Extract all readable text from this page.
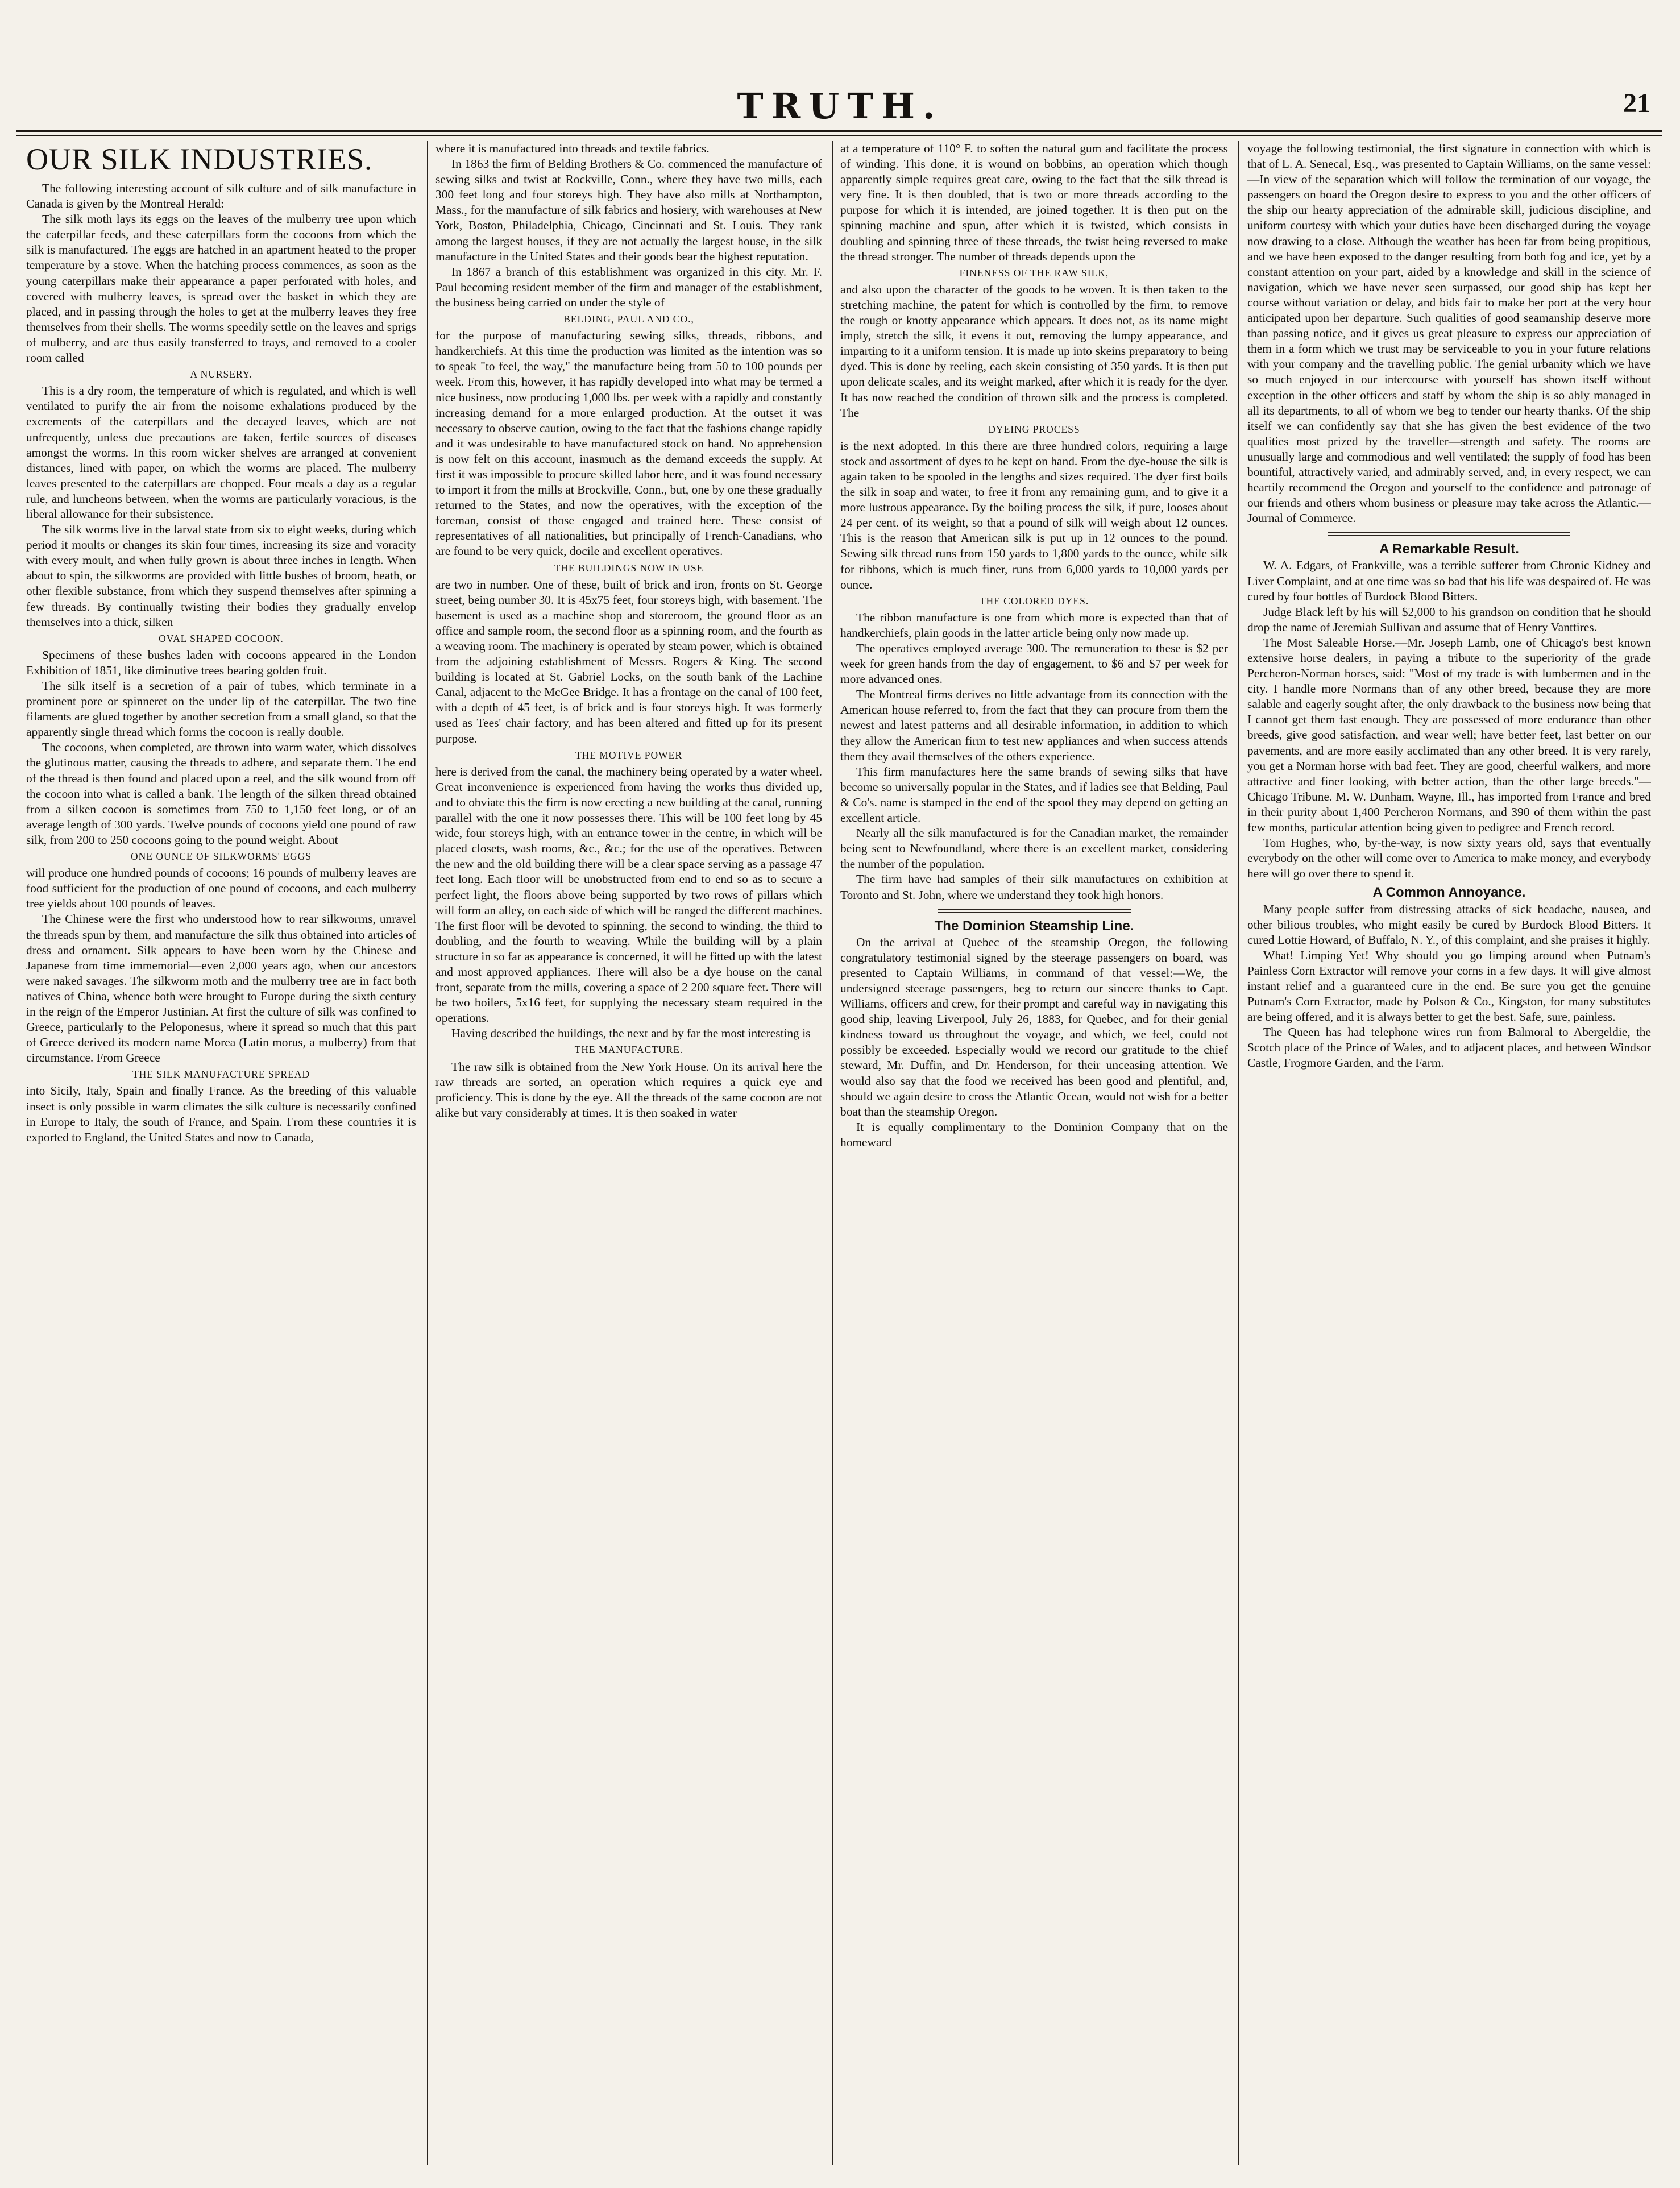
TRUTH.	21
OUR SILK INDUSTRIES.

The following interesting account of silk culture and of silk manufacture in Canada is given by the Montreal Herald:

The silk moth lays its eggs on the leaves of the mulberry tree upon which the caterpillar feeds, and these caterpillars form the cocoons from which the silk is manufactured. The eggs are hatched in an apartment heated to the proper temperature by a stove. When the hatching process commences, as soon as the young caterpillars make their appearance a paper perforated with holes, and covered with mulberry leaves, is spread over the basket in which they are placed, and in passing through the holes to get at the mulberry leaves they free themselves from their shells. The worms speedily settle on the leaves and sprigs of mulberry, and are thus easily transferred to trays, and removed to a cooler room called

A NURSERY.

This is a dry room, the temperature of which is regulated, and which is well ventilated to purify the air from the noisome exhalations produced by the excrements of the caterpillars and the decayed leaves, which are not unfrequently, unless due precautions are taken, fertile sources of diseases amongst the worms. In this room wicker shelves are arranged at convenient distances, lined with paper, on which the worms are placed. The mulberry leaves presented to the caterpillars are chopped. Four meals a day as a regular rule, and luncheons between, when the worms are particularly voracious, is the liberal allowance for their subsistence.

The silk worms live in the larval state from six to eight weeks, during which period it moults or changes its skin four times, increasing its size and voracity with every moult, and when fully grown is about three inches in length. When about to spin, the silkworms are provided with little bushes of broom, heath, or other flexible substance, from which they suspend themselves after spinning a few threads. By continually twisting their bodies they gradually envelop themselves into a thick, silken

OVAL SHAPED COCOON.

Specimens of these bushes laden with cocoons appeared in the London Exhibition of 1851, like diminutive trees bearing golden fruit.

The silk itself is a secretion of a pair of tubes, which terminate in a prominent pore or spinneret on the under lip of the caterpillar. The two fine filaments are glued together by another secretion from a small gland, so that the apparently single thread which forms the cocoon is really double.

The cocoons, when completed, are thrown into warm water, which dissolves the glutinous matter, causing the threads to adhere, and separate them. The end of the thread is then found and placed upon a reel, and the silk wound from off the cocoon into what is called a bank. The length of the silken thread obtained from a silken cocoon is sometimes from 750 to 1,150 feet long, or of an average length of 300 yards. Twelve pounds of cocoons yield one pound of raw silk, from 200 to 250 cocoons going to the pound weight. About

ONE OUNCE OF SILKWORMS' EGGS

will produce one hundred pounds of cocoons; 16 pounds of mulberry leaves are food sufficient for the production of one pound of cocoons, and each mulberry tree yields about 100 pounds of leaves.

The Chinese were the first who understood how to rear silkworms, unravel the threads spun by them, and manufacture the silk thus obtained into articles of dress and ornament. Silk appears to have been worn by the Chinese and Japanese from time immemorial—even 2,000 years ago, when our ancestors were naked savages. The silkworm moth and the mulberry tree are in fact both natives of China, whence both were brought to Europe during the sixth century in the reign of the Emperor Justinian. At first the culture of silk was confined to Greece, particularly to the Peloponesus, where it spread so much that this part of Greece derived its modern name Morea (Latin morus, a mulberry) from that circumstance. From Greece

THE SILK MANUFACTURE SPREAD

into Sicily, Italy, Spain and finally France. As the breeding of this valuable insect is only possible in warm climates the silk culture is necessarily confined in Europe to Italy, the south of France, and Spain. From these countries it is exported to England, the United States and now to Canada,

where it is manufactured into threads and textile fabrics.

In 1863 the firm of Belding Brothers & Co. commenced the manufacture of sewing silks and twist at Rockville, Conn., where they have two mills, each 300 feet long and four storeys high. They have also mills at Northampton, Mass., for the manufacture of silk fabrics and hosiery, with warehouses at New York, Boston, Philadelphia, Chicago, Cincinnati and St. Louis. They rank among the largest houses, if they are not actually the largest house, in the silk manufacture in the United States and their goods bear the highest reputation.

In 1867 a branch of this establishment was organized in this city. Mr. F. Paul becoming resident member of the firm and manager of the establishment, the business being carried on under the style of

BELDING, PAUL AND CO.,

for the purpose of manufacturing sewing silks, threads, ribbons, and handkerchiefs. At this time the production was limited as the intention was so to speak "to feel, the way," the manufacture being from 50 to 100 pounds per week. From this, however, it has rapidly developed into what may be termed a nice business, now producing 1,000 lbs. per week with a rapidly and constantly increasing demand for a more enlarged production. At the outset it was necessary to observe caution, owing to the fact that the fashions change rapidly and it was undesirable to have manufactured stock on hand. No apprehension is now felt on this account, inasmuch as the demand exceeds the supply. At first it was impossible to procure skilled labor here, and it was found necessary to import it from the mills at Brockville, Conn., but, one by one these gradually returned to the States, and now the operatives, with the exception of the foreman, consist of those engaged and trained here. These consist of representatives of all nationalities, but principally of French-Canadians, who are found to be very quick, docile and excellent operatives.

THE BUILDINGS NOW IN USE

are two in number. One of these, built of brick and iron, fronts on St. George street, being number 30. It is 45x75 feet, four storeys high, with basement. The basement is used as a machine shop and storeroom, the ground floor as an office and sample room, the second floor as a spinning room, and the fourth as a weaving room. The machinery is operated by steam power, which is obtained from the adjoining establishment of Messrs. Rogers & King. The second building is located at St. Gabriel Locks, on the south bank of the Lachine Canal, adjacent to the McGee Bridge. It has a frontage on the canal of 100 feet, with a depth of 45 feet, is of brick and is four storeys high. It was formerly used as Tees' chair factory, and has been altered and fitted up for its present purpose.

THE MOTIVE POWER

here is derived from the canal, the machinery being operated by a water wheel. Great inconvenience is experienced from having the works thus divided up, and to obviate this the firm is now erecting a new building at the canal, running parallel with the one it now possesses there. This will be 100 feet long by 45 wide, four storeys high, with an entrance tower in the centre, in which will be placed closets, wash rooms, &c., &c.; for the use of the operatives. Between the new and the old building there will be a clear space serving as a passage 47 feet long. Each floor will be unobstructed from end to end so as to secure a perfect light, the floors above being supported by two rows of pillars which will form an alley, on each side of which will be ranged the different machines. The first floor will be devoted to spinning, the second to winding, the third to doubling, and the fourth to weaving. While the building will by a plain structure in so far as appearance is concerned, it will be fitted up with the latest and most approved appliances. There will also be a dye house on the canal front, separate from the mills, covering a space of 2 200 square feet. There will be two boilers, 5x16 feet, for supplying the necessary steam required in the operations.

Having described the buildings, the next and by far the most interesting is

THE MANUFACTURE.

The raw silk is obtained from the New York House. On its arrival here the raw threads are sorted, an operation which requires a quick eye and proficiency. This is done by the eye. All the threads of the same cocoon are not alike but vary considerably at times. It is then soaked in water

at a temperature of 110° F. to soften the natural gum and facilitate the process of winding. This done, it is wound on bobbins, an operation which though apparently simple requires great care, owing to the fact that the silk thread is very fine. It is then doubled, that is two or more threads according to the purpose for which it is intended, are joined together. It is then put on the spinning machine and spun, after which it is twisted, which consists in doubling and spinning three of these threads, the twist being reversed to make the thread stronger. The number of threads depends upon the

FINENESS OF THE RAW SILK,

and also upon the character of the goods to be woven. It is then taken to the stretching machine, the patent for which is controlled by the firm, to remove the rough or knotty appearance which appears. It does not, as its name might imply, stretch the silk, it evens it out, removing the lumpy appearance, and imparting to it a uniform tension. It is made up into skeins preparatory to being dyed. This is done by reeling, each skein consisting of 350 yards. It is then put upon delicate scales, and its weight marked, after which it is ready for the dyer. It has now reached the condition of thrown silk and the process is completed. The

DYEING PROCESS

is the next adopted. In this there are three hundred colors, requiring a large stock and assortment of dyes to be kept on hand. From the dye-house the silk is again taken to be spooled in the lengths and sizes required. The dyer first boils the silk in soap and water, to free it from any remaining gum, and to give it a more lustrous appearance. By the boiling process the silk, if pure, looses about 24 per cent. of its weight, so that a pound of silk will weigh about 12 ounces. This is the reason that American silk is put up in 12 ounces to the pound. Sewing silk thread runs from 150 yards to 1,800 yards to the ounce, while silk for ribbons, which is much finer, runs from 6,000 yards to 10,000 yards per ounce.

THE COLORED DYES.

The ribbon manufacture is one from which more is expected than that of handkerchiefs, plain goods in the latter article being only now made up.

The operatives employed average 300. The remuneration to these is $2 per week for green hands from the day of engagement, to $6 and $7 per week for more advanced ones.

The Montreal firms derives no little advantage from its connection with the American house referred to, from the fact that they can procure from them the newest and latest patterns and all desirable information, in addition to which they allow the American firm to test new appliances and when success attends them they avail themselves of the others experience.

This firm manufactures here the same brands of sewing silks that have become so universally popular in the States, and if ladies see that Belding, Paul & Co's. name is stamped in the end of the spool they may depend on getting an excellent article.

Nearly all the silk manufactured is for the Canadian market, the remainder being sent to Newfoundland, where there is an excellent market, considering the number of the population.

The firm have had samples of their silk manufactures on exhibition at Toronto and St. John, where we understand they took high honors.

The Dominion Steamship Line.

On the arrival at Quebec of the steamship Oregon, the following congratulatory testimonial signed by the steerage passengers on board, was presented to Captain Williams, in command of that vessel:—We, the undersigned steerage passengers, beg to return our sincere thanks to Capt. Williams, officers and crew, for their prompt and careful way in navigating this good ship, leaving Liverpool, July 26, 1883, for Quebec, and for their genial kindness toward us throughout the voyage, and which, we feel, could not possibly be exceeded. Especially would we record our gratitude to the chief steward, Mr. Duffin, and Dr. Henderson, for their unceasing attention. We would also say that the food we received has been good and plentiful, and, should we again desire to cross the Atlantic Ocean, would not wish for a better boat than the steamship Oregon.

It is equally complimentary to the Dominion Company that on the homeward

voyage the following testimonial, the first signature in connection with which is that of L. A. Senecal, Esq., was presented to Captain Williams, on the same vessel:—In view of the separation which will follow the termination of our voyage, the passengers on board the Oregon desire to express to you and the other officers of the ship our hearty appreciation of the admirable skill, judicious discipline, and uniform courtesy with which your duties have been discharged during the voyage now drawing to a close. Although the weather has been far from being propitious, and we have been exposed to the danger resulting from both fog and ice, yet by a constant attention on your part, aided by a knowledge and skill in the science of navigation, which we have never seen surpassed, our good ship has kept her course without variation or delay, and bids fair to make her port at the very hour anticipated upon her departure. Such qualities of good seamanship deserve more than passing notice, and it gives us great pleasure to express our appreciation of them in a form which we trust may be serviceable to you in your future relations with your company and the travelling public. The genial urbanity which we have so much enjoyed in our intercourse with yourself has shown itself without exception in the other officers and staff by whom the ship is so ably managed in all its departments, to all of whom we beg to tender our hearty thanks. Of the ship itself we can confidently say that she has given the best evidence of the two qualities most prized by the traveller—strength and safety. The rooms are unusually large and commodious and well ventilated; the supply of food has been bountiful, attractively varied, and admirably served, and, in every respect, we can heartily recommend the Oregon and yourself to the confidence and patronage of our friends and others whom business or pleasure may take across the Atlantic.—Journal of Commerce.

A Remarkable Result.

W. A. Edgars, of Frankville, was a terrible sufferer from Chronic Kidney and Liver Complaint, and at one time was so bad that his life was despaired of. He was cured by four bottles of Burdock Blood Bitters.

Judge Black left by his will $2,000 to his grandson on condition that he should drop the name of Jeremiah Sullivan and assume that of Henry Vanttires.

The Most Saleable Horse.—Mr. Joseph Lamb, one of Chicago's best known extensive horse dealers, in paying a tribute to the superiority of the grade Percheron-Norman horses, said: "Most of my trade is with lumbermen and in the city. I handle more Normans than of any other breed, because they are more salable and eagerly sought after, the only drawback to the business now being that I cannot get them fast enough. They are possessed of more endurance than other breeds, give good satisfaction, and wear well; have better feet, last better on our pavements, and are more easily acclimated than any other breed. It is very rarely, you get a Norman horse with bad feet. They are good, cheerful walkers, and more attractive and finer looking, with better action, than the other large breeds."—Chicago Tribune. M. W. Dunham, Wayne, Ill., has imported from France and bred in their purity about 1,400 Percheron Normans, and 390 of them within the past few months, particular attention being given to pedigree and French record.

Tom Hughes, who, by-the-way, is now sixty years old, says that eventually everybody on the other will come over to America to make money, and everybody here will go over there to spend it.

A Common Annoyance.

Many people suffer from distressing attacks of sick headache, nausea, and other bilious troubles, who might easily be cured by Burdock Blood Bitters. It cured Lottie Howard, of Buffalo, N. Y., of this complaint, and she praises it highly.

What! Limping Yet! Why should you go limping around when Putnam's Painless Corn Extractor will remove your corns in a few days. It will give almost instant relief and a guaranteed cure in the end. Be sure you get the genuine Putnam's Corn Extractor, made by Polson & Co., Kingston, for many substitutes are being offered, and it is always better to get the best. Safe, sure, painless.

The Queen has had telephone wires run from Balmoral to Abergeldie, the Scotch place of the Prince of Wales, and to adjacent places, and between Windsor Castle, Frogmore Garden, and the Farm.
